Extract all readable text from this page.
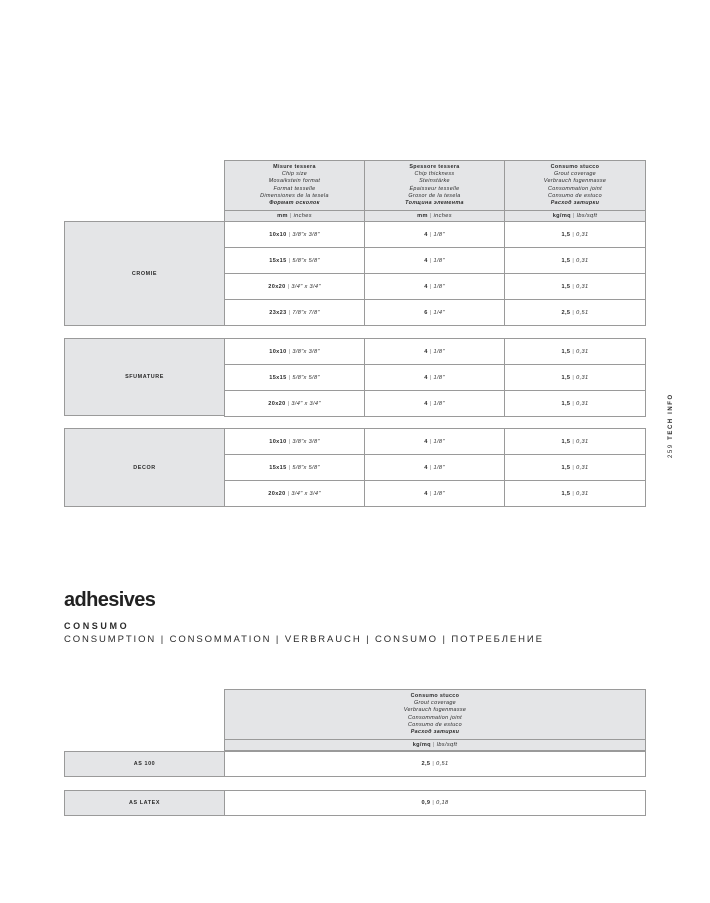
259 TECH INFO
Misure tessera
Chip size
Mosaikstein format
Format tesselle
Dimensiones de la tesela
Формат осколок
Spessore tessera
Chip thickness
Steinstärke
Épaisseur tesselle
Grosor de la tesela
Толщина элемента
Consumo stucco
Grout coverage
Verbrauch fugenmasse
Consommation joint
Consumo de estuco
Расход затирки
mm | inches	mm | inches	kg/mq | lbs/sqft
CROMIE
10x10 | 3/8"x 3/8"	4 | 1/8"	1,5 | 0,31
15x15 | 5/8"x 5/8"	4 | 1/8"	1,5 | 0,31
20x20 | 3/4" x 3/4"	4 | 1/8"	1,5 | 0,31
23x23 | 7/8"x 7/8"	6 | 1/4"	2,5 | 0,51
SFUMATURE
10x10 | 3/8"x 3/8"	4 | 1/8"	1,5 | 0,31
15x15 | 5/8"x 5/8"	4 | 1/8"	1,5 | 0,31
20x20 | 3/4" x 3/4"	4 | 1/8"	1,5 | 0,31
DECOR
10x10 | 3/8"x 3/8"	4 | 1/8"	1,5 | 0,31
15x15 | 5/8"x 5/8"	4 | 1/8"	1,5 | 0,31
20x20 | 3/4" x 3/4"	4 | 1/8"	1,5 | 0,31
adhesives
CONSUMO
CONSUMPTION | CONSOMMATION | VERBRAUCH | CONSUMO | ПОТРЕБЛЕНИЕ
Consumo stucco
Grout coverage
Verbrauch fugenmasse
Consommation joint
Consumo de estuco
Расход затирки
kg/mq | lbs/sqft
AS 100	2,5 | 0,51
AS LATEX	0,9 | 0,18
